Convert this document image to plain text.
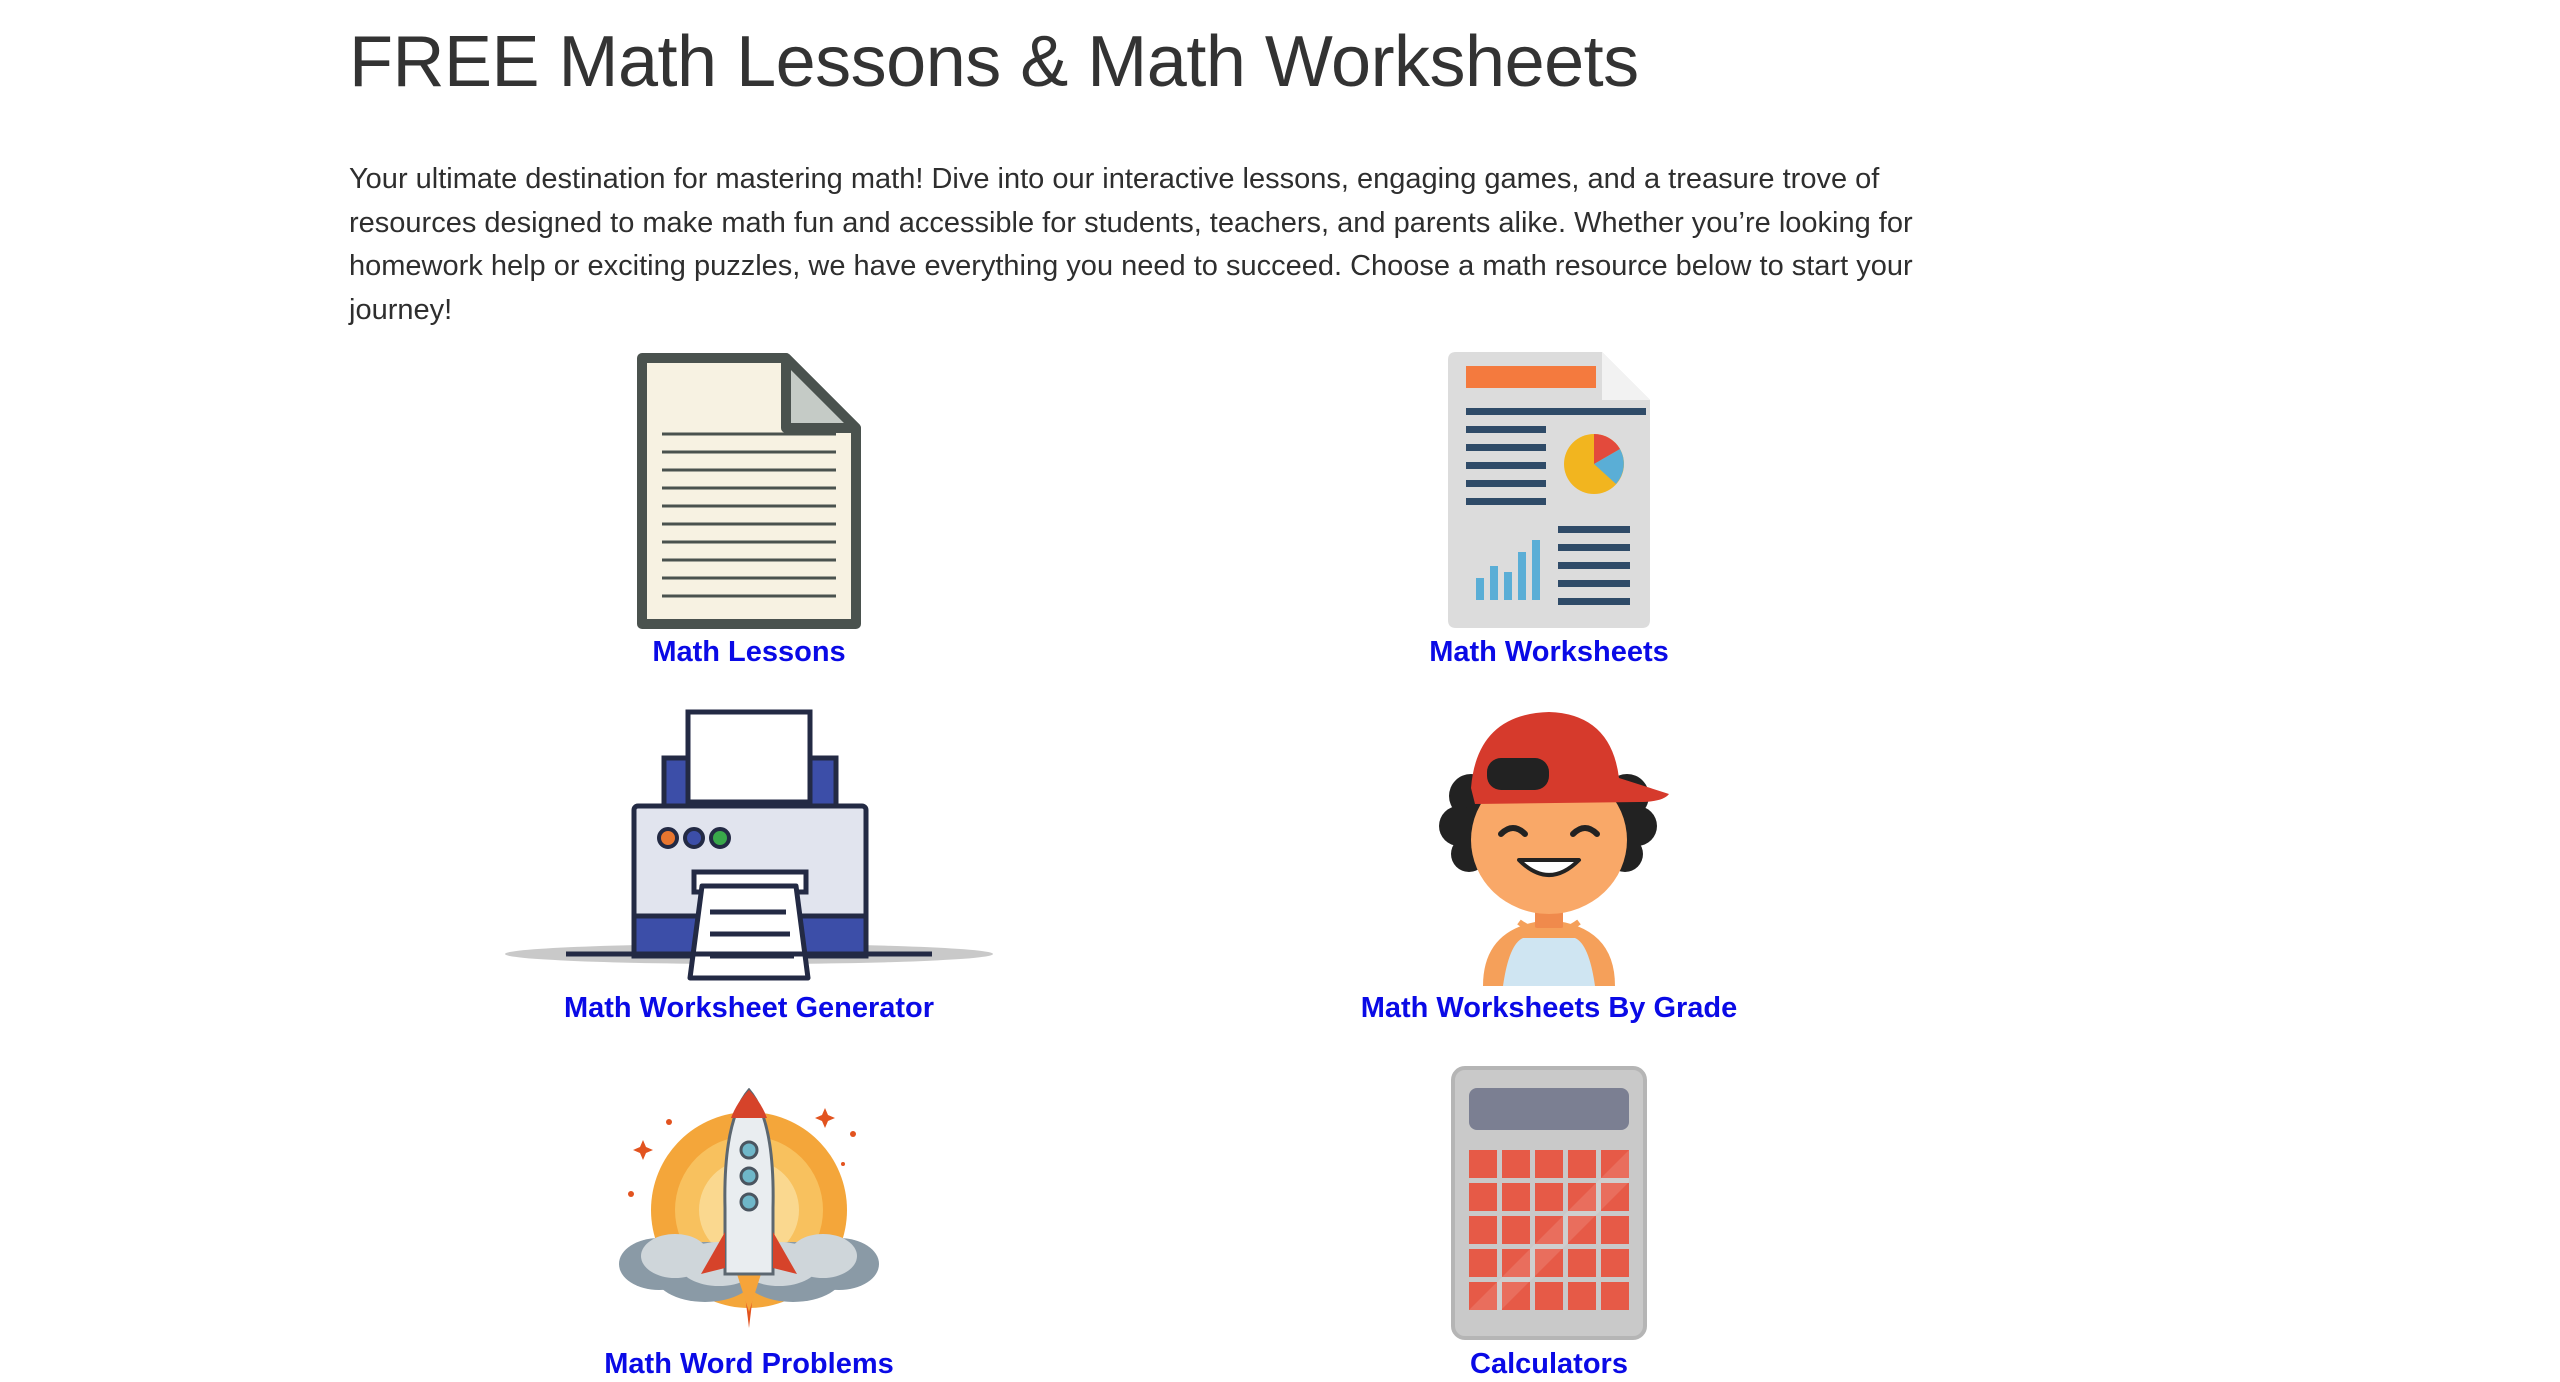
FREE Math Lessons & Math Worksheets

Your ultimate destination for mastering math! Dive into our interactive lessons, engaging games, and a treasure trove of resources designed to make math fun and accessible for students, teachers, and parents alike. Whether you’re looking for homework help or exciting puzzles, we have everything you need to succeed. Choose a math resource below to start your journey!

Math Lessons	Math Worksheets
Math Worksheet Generator	Math Worksheets By Grade
Math Word Problems	Calculators
